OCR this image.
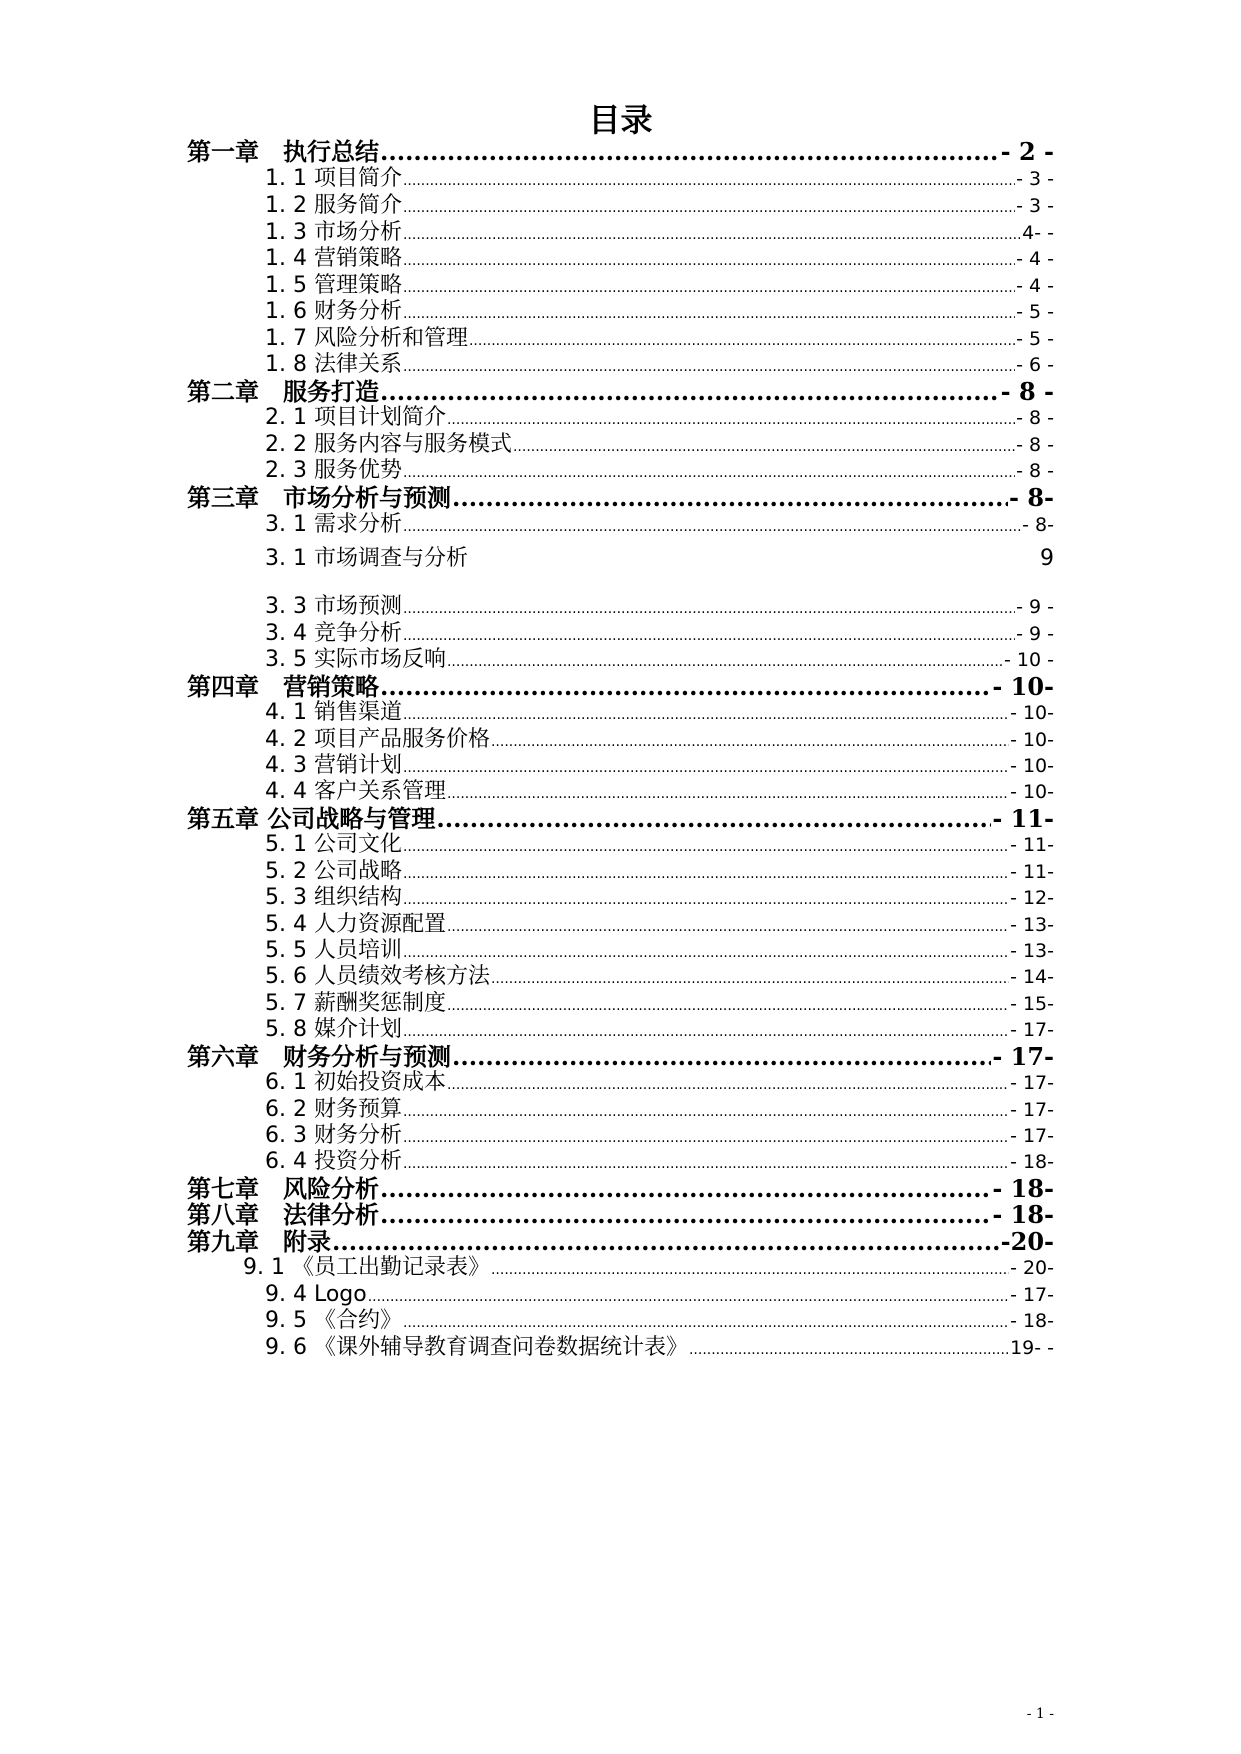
目录
第一章　执行总结 .....	- 2 -
1. 1 项目简介 .....	- 3 -
1. 2 服务简介 .....	- 3 -
1. 3 市场分析 .....	4- -
1. 4 营销策略 .....	- 4 -
1. 5 管理策略 .....	- 4 -
1. 6 财务分析 .....	- 5 -
1. 7 风险分析和管理 .....	- 5 -
1. 8 法律关系 .....	- 6 -
第二章　服务打造 .....	- 8 -
2. 1 项目计划简介 .....	- 8 -
2. 2 服务内容与服务模式 .....	- 8 -
2. 3 服务优势 .....	- 8 -
第三章　市场分析与预测 .....	- 8-
3. 1 需求分析 .....	- 8-
3. 1 市场调查与分析	9
3. 3 市场预测 .....	- 9 -
3. 4 竞争分析 .....	- 9 -
3. 5 实际市场反响 .....	- 10 -
第四章　营销策略 .....	- 10-
4. 1 销售渠道 .....	- 10-
4. 2 项目产品服务价格 .....	- 10-
4. 3 营销计划 .....	- 10-
4. 4 客户关系管理 .....	- 10-
第五章 公司战略与管理 .....	- 11-
5. 1 公司文化 .....	- 11-
5. 2 公司战略 .....	- 11-
5. 3 组织结构 .....	- 12-
5. 4 人力资源配置 .....	- 13-
5. 5 人员培训 .....	- 13-
5. 6 人员绩效考核方法 .....	- 14-
5. 7 薪酬奖惩制度 .....	- 15-
5. 8 媒介计划 .....	- 17-
第六章　财务分析与预测 .....	- 17-
6. 1 初始投资成本 .....	- 17-
6. 2 财务预算 .....	- 17-
6. 3 财务分析 .....	- 17-
6. 4 投资分析 .....	- 18-
第七章　风险分析 .....	- 18-
第八章　法律分析 .....	- 18-
第九章　附录 .....	-20-
9. 1 《员工出勤记录表》 .....	- 20-
9. 4 Logo .....	- 17-
9. 5 《合约》 .....	- 18-
9. 6 《课外辅导教育调查问卷数据统计表》 .....	19- -
- 1 -
